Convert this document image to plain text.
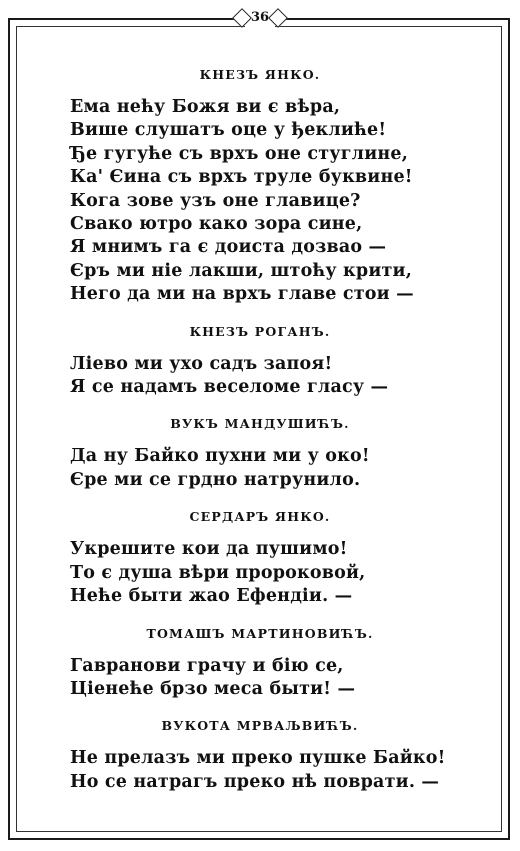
36

КНЕЗЪ ЯНКО.

Ема нећу Божя ви є вѣра,
Више слушатъ оце у ђеклиће!
Ђе гугуће съ врхъ оне стуглине,
Ка' Єина съ врхъ труле буквине!
Кога зове узъ оне главице?
Свако ютро како зора сине,
Я мнимъ га є доиста дозвао —
Єръ ми ніе лакши, штоћу крити,
Него да ми на врхъ главе стои —

КНЕЗЪ РОГАНЪ.

Ліево ми ухо садъ запоя!
Я се надамъ веселоме гласу —

ВУКЪ МАНДУШИЋЪ.

Да ну Байко пухни ми у око!
Єре ми се грдно натрунило.

СЕРДАРЪ ЯНКО.

Укрешите кои да пушимо!
То є душа вѣри пророковой,
Нећe быти жао Ефендіи. —

ТОМАШЪ МАРТИНОВИЋЪ.

Гавранови грачу и бію се,
Ціенеће брзо меса быти! —

ВУКОТА МРВАЉВИЋЪ.

Не прелазъ ми преко пушке Байко!
Но се натрагъ преко нѣ поврати. —
